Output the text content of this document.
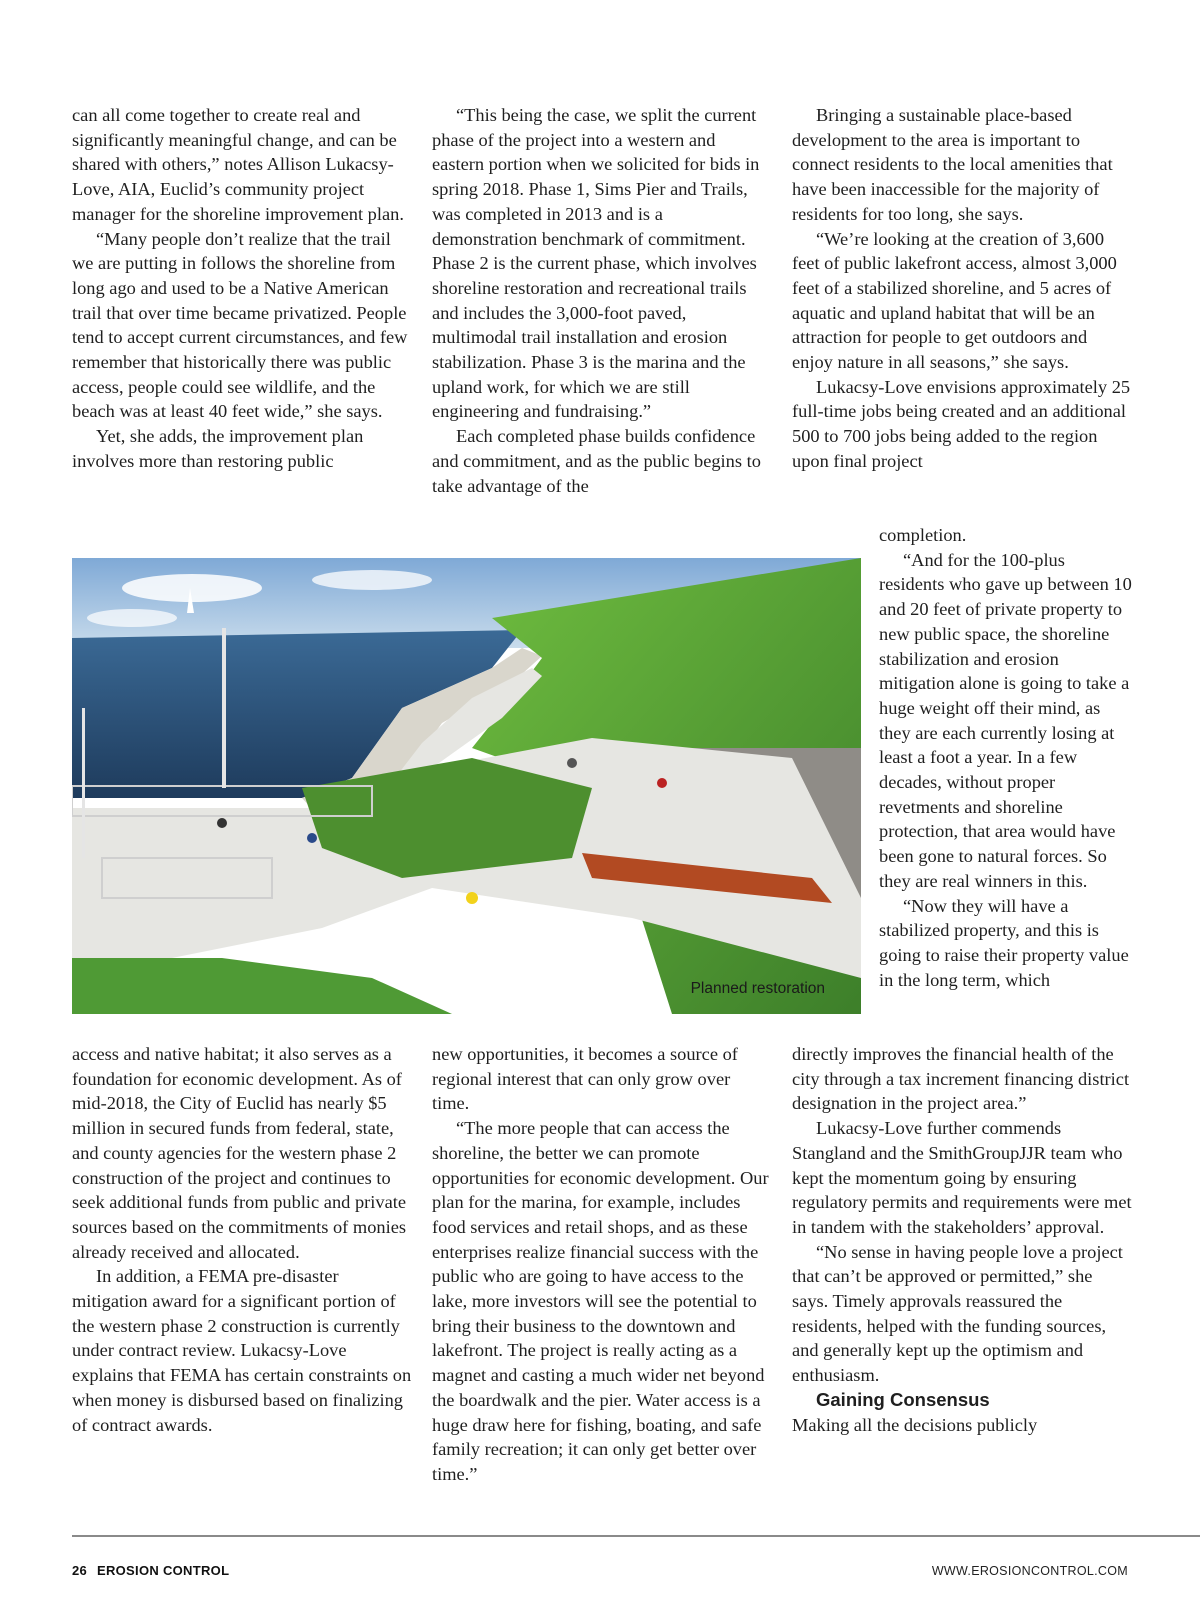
can all come together to create real and significantly meaningful change, and can be shared with others,” notes Allison Lukacsy-Love, AIA, Euclid’s community project manager for the shoreline improvement plan.

“Many people don’t realize that the trail we are putting in follows the shoreline from long ago and used to be a Native American trail that over time became privatized. People tend to accept current circumstances, and few remember that historically there was public access, people could see wildlife, and the beach was at least 40 feet wide,” she says.

Yet, she adds, the improvement plan involves more than restoring public

“This being the case, we split the current phase of the project into a western and eastern portion when we solicited for bids in spring 2018. Phase 1, Sims Pier and Trails, was completed in 2013 and is a demonstration benchmark of commitment. Phase 2 is the current phase, which involves shoreline restoration and recreational trails and includes the 3,000-foot paved, multimodal trail installation and erosion stabilization. Phase 3 is the marina and the upland work, for which we are still engineering and fundraising.”

Each completed phase builds confidence and commitment, and as the public begins to take advantage of the

Bringing a sustainable place-based development to the area is important to connect residents to the local amenities that have been inaccessible for the majority of residents for too long, she says.

“We’re looking at the creation of 3,600 feet of public lakefront access, almost 3,000 feet of a stabilized shoreline, and 5 acres of aquatic and upland habitat that will be an attraction for people to get outdoors and enjoy nature in all seasons,” she says.

Lukacsy-Love envisions approximately 25 full-time jobs being created and an additional 500 to 700 jobs being added to the region upon final project

completion.

“And for the 100-plus residents who gave up between 10 and 20 feet of private property to new public space, the shoreline stabilization and erosion mitigation alone is going to take a huge weight off their mind, as they are each currently losing at least a foot a year. In a few decades, without proper revetments and shoreline protection, that area would have been gone to natural forces. So they are real winners in this.

“Now they will have a stabilized property, and this is going to raise their property value in the long term, which

Planned restoration

access and native habitat; it also serves as a foundation for economic development. As of mid-2018, the City of Euclid has nearly $5 million in secured funds from federal, state, and county agencies for the western phase 2 construction of the project and continues to seek additional funds from public and private sources based on the commitments of monies already received and allocated.

In addition, a FEMA pre-disaster mitigation award for a significant portion of the western phase 2 construction is currently under contract review. Lukacsy-Love explains that FEMA has certain constraints on when money is disbursed based on finalizing of contract awards.

new opportunities, it becomes a source of regional interest that can only grow over time.

“The more people that can access the shoreline, the better we can promote opportunities for economic development. Our plan for the marina, for example, includes food services and retail shops, and as these enterprises realize financial success with the public who are going to have access to the lake, more investors will see the potential to bring their business to the downtown and lakefront. The project is really acting as a magnet and casting a much wider net beyond the boardwalk and the pier. Water access is a huge draw here for fishing, boating, and safe family recreation; it can only get better over time.”

directly improves the financial health of the city through a tax increment financing district designation in the project area.”

Lukacsy-Love further commends Stangland and the SmithGroupJJR team who kept the momentum going by ensuring regulatory permits and requirements were met in tandem with the stakeholders’ approval.

“No sense in having people love a project that can’t be approved or permitted,” she says. Timely approvals reassured the residents, helped with the funding sources, and generally kept up the optimism and enthusiasm.

Gaining Consensus

Making all the decisions publicly

26 EROSION CONTROL	WWW.EROSIONCONTROL.COM
